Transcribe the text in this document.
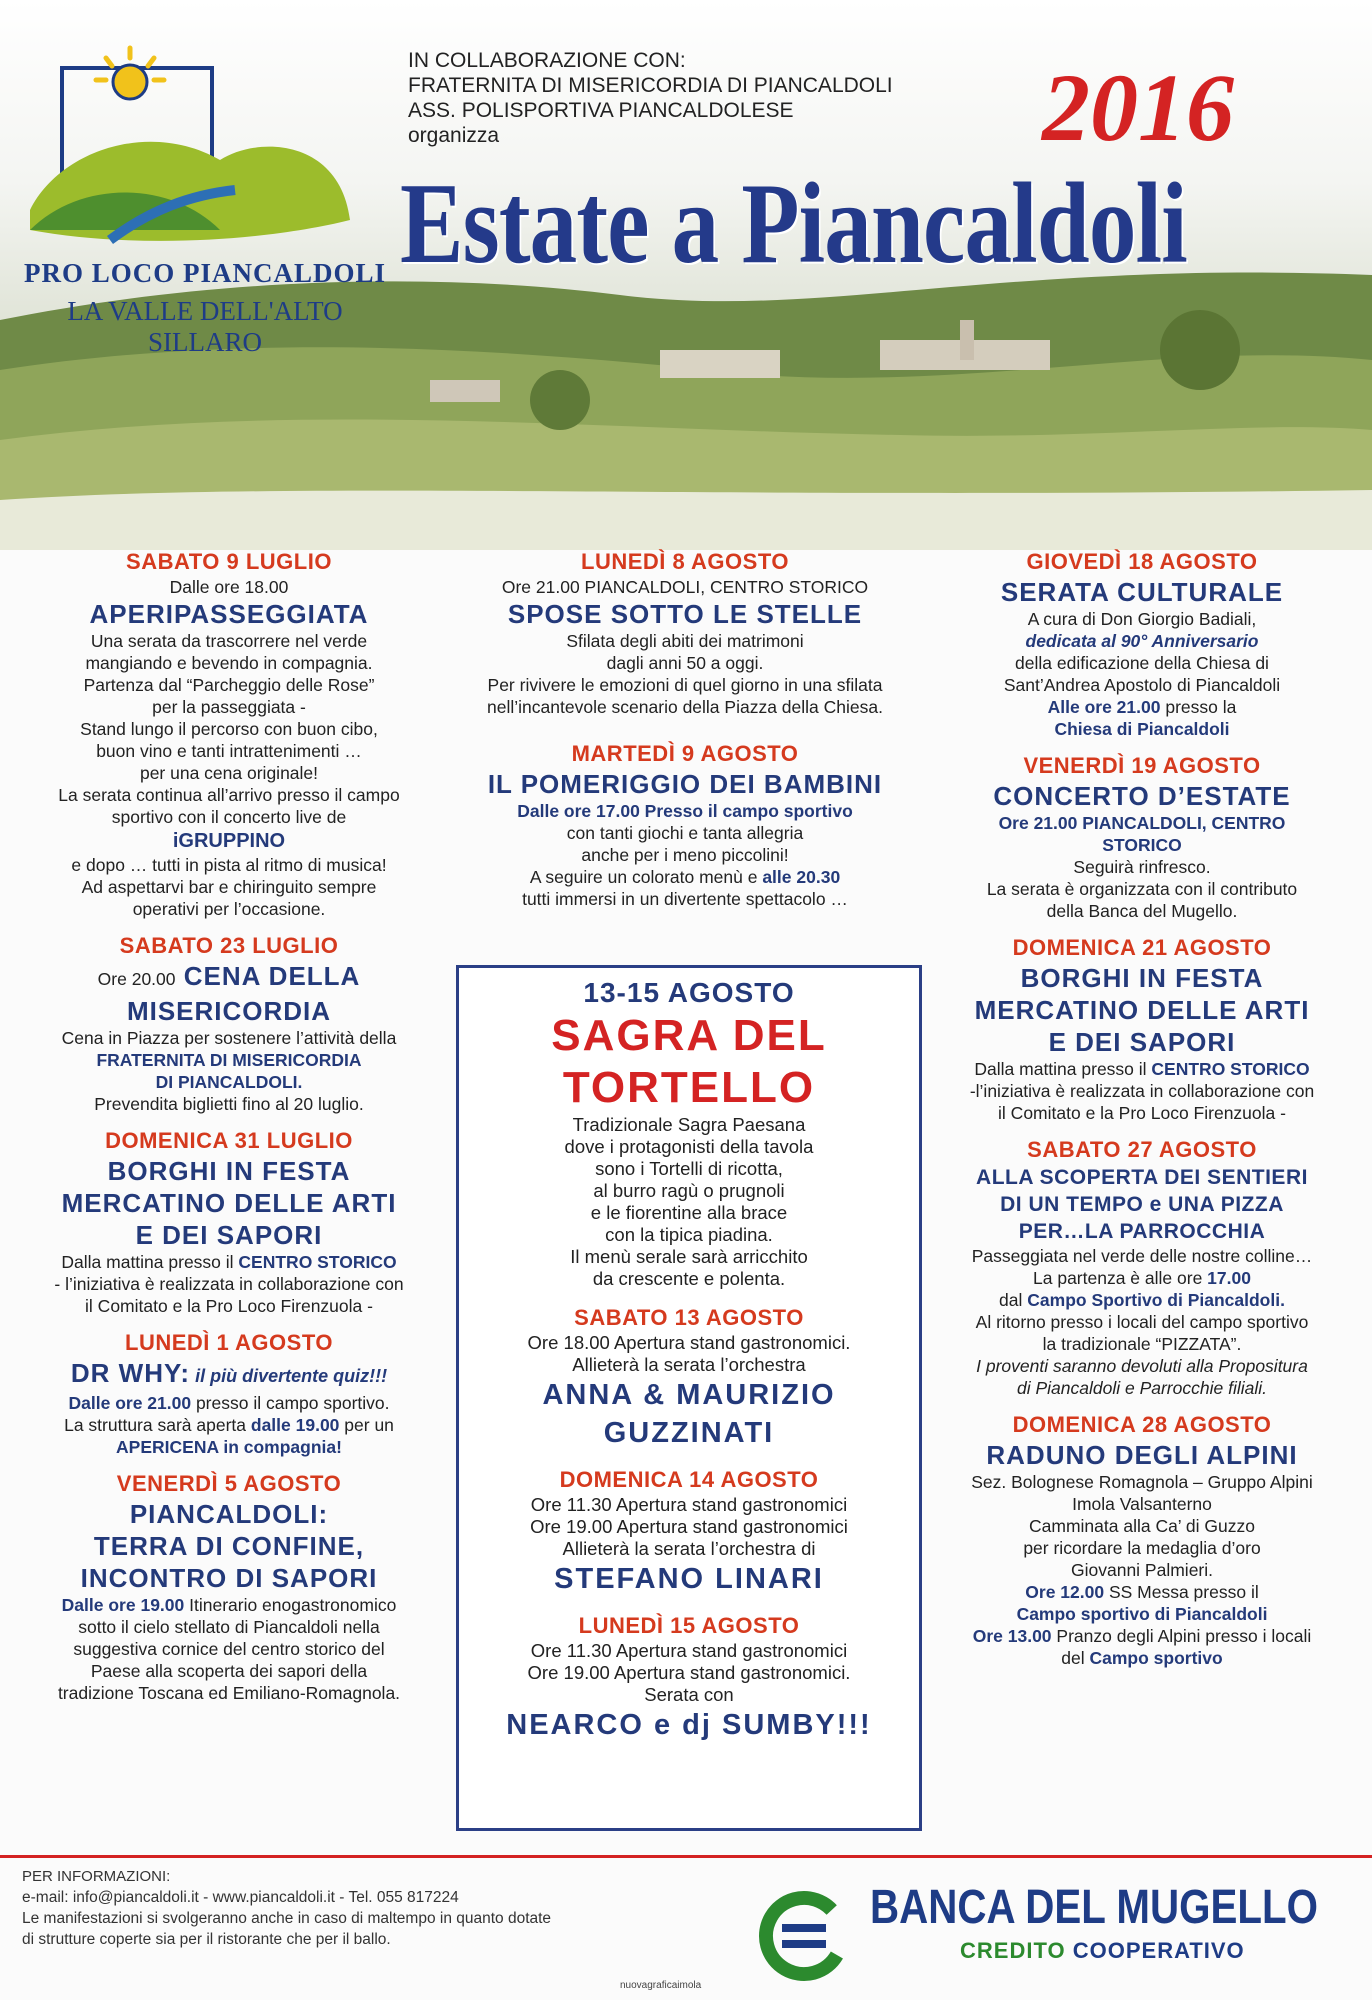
PRO LOCO PIANCALDOLI
LA VALLE DELL'ALTO SILLARO
IN COLLABORAZIONE CON:
FRATERNITA DI MISERICORDIA DI PIANCALDOLI
ASS. POLISPORTIVA PIANCALDOLESE
organizza	2016
Estate a Piancaldoli
SABATO 9 LUGLIO
Dalle ore 18.00
APERIPASSEGGIATA
Una serata da trascorrere nel verde
mangiando e bevendo in compagnia.
Partenza dal “Parcheggio delle Rose”
per la passeggiata -
Stand lungo il percorso con buon cibo,
buon vino e tanti intrattenimenti …
per una cena originale!
La serata continua all’arrivo presso il campo
sportivo con il concerto live de
iGRUPPINO
e dopo … tutti in pista al ritmo di musica!
Ad aspettarvi bar e chiringuito sempre
operativi per l’occasione.
SABATO 23 LUGLIO
Ore 20.00 CENA DELLA
MISERICORDIA
Cena in Piazza per sostenere l’attività della
FRATERNITA DI MISERICORDIA
DI PIANCALDOLI.
Prevendita biglietti fino al 20 luglio.
DOMENICA 31 LUGLIO
BORGHI IN FESTA
MERCATINO DELLE ARTI
E DEI SAPORI
Dalla mattina presso il CENTRO STORICO
- l’iniziativa è realizzata in collaborazione con
il Comitato e la Pro Loco Firenzuola -
LUNEDÌ 1 AGOSTO
DR WHY: il più divertente quiz!!!
Dalle ore 21.00 presso il campo sportivo.
La struttura sarà aperta dalle 19.00 per un
APERICENA in compagnia!
VENERDÌ 5 AGOSTO
PIANCALDOLI:
TERRA DI CONFINE,
INCONTRO DI SAPORI
Dalle ore 19.00 Itinerario enogastronomico
sotto il cielo stellato di Piancaldoli nella
suggestiva cornice del centro storico del
Paese alla scoperta dei sapori della
tradizione Toscana ed Emiliano-Romagnola.
LUNEDÌ 8 AGOSTO
Ore 21.00 PIANCALDOLI, CENTRO STORICO
SPOSE SOTTO LE STELLE
Sfilata degli abiti dei matrimoni
dagli anni 50 a oggi.
Per rivivere le emozioni di quel giorno in una sfilata
nell’incantevole scenario della Piazza della Chiesa.
MARTEDÌ 9 AGOSTO
IL POMERIGGIO DEI BAMBINI
Dalle ore 17.00 Presso il campo sportivo
con tanti giochi e tanta allegria
anche per i meno piccolini!
A seguire un colorato menù e alle 20.30
tutti immersi in un divertente spettacolo …
13-15 AGOSTO
SAGRA DEL
TORTELLO
Tradizionale Sagra Paesana
dove i protagonisti della tavola
sono i Tortelli di ricotta,
al burro ragù o prugnoli
e le fiorentine alla brace
con la tipica piadina.
Il menù serale sarà arricchito
da crescente e polenta.
SABATO 13 AGOSTO
Ore 18.00 Apertura stand gastronomici.
Allieterà la serata l’orchestra
ANNA & MAURIZIO
GUZZINATI
DOMENICA 14 AGOSTO
Ore 11.30 Apertura stand gastronomici
Ore 19.00 Apertura stand gastronomici
Allieterà la serata l’orchestra di
STEFANO LINARI
LUNEDÌ 15 AGOSTO
Ore 11.30 Apertura stand gastronomici
Ore 19.00 Apertura stand gastronomici.
Serata con
NEARCO e dj SUMBY!!!
GIOVEDÌ 18 AGOSTO
SERATA CULTURALE
A cura di Don Giorgio Badiali,
dedicata al 90° Anniversario
della edificazione della Chiesa di
Sant’Andrea Apostolo di Piancaldoli
Alle ore 21.00 presso la
Chiesa di Piancaldoli
VENERDÌ 19 AGOSTO
CONCERTO D’ESTATE
Ore 21.00 PIANCALDOLI, CENTRO
STORICO
Seguirà rinfresco.
La serata è organizzata con il contributo
della Banca del Mugello.
DOMENICA 21 AGOSTO
BORGHI IN FESTA
MERCATINO DELLE ARTI
E DEI SAPORI
Dalla mattina presso il CENTRO STORICO
-l’iniziativa è realizzata in collaborazione con
il Comitato e la Pro Loco Firenzuola -
SABATO 27 AGOSTO
ALLA SCOPERTA DEI SENTIERI
DI UN TEMPO e UNA PIZZA
PER…LA PARROCCHIA
Passeggiata nel verde delle nostre colline…
La partenza è alle ore 17.00
dal Campo Sportivo di Piancaldoli.
Al ritorno presso i locali del campo sportivo
la tradizionale “PIZZATA”.
I proventi saranno devoluti alla Propositura
di Piancaldoli e Parrocchie filiali.
DOMENICA 28 AGOSTO
RADUNO DEGLI ALPINI
Sez. Bolognese Romagnola – Gruppo Alpini
Imola Valsanterno
Camminata alla Ca’ di Guzzo
per ricordare la medaglia d’oro
Giovanni Palmieri.
Ore 12.00 SS Messa presso il
Campo sportivo di Piancaldoli
Ore 13.00 Pranzo degli Alpini presso i locali
del Campo sportivo
PER INFORMAZIONI:
e-mail: info@piancaldoli.it - www.piancaldoli.it - Tel. 055 817224
Le manifestazioni si svolgeranno anche in caso di maltempo in quanto dotate
di strutture coperte sia per il ristorante che per il ballo.
nuovagraficaimola
BANCA DEL MUGELLO
CREDITO COOPERATIVO
